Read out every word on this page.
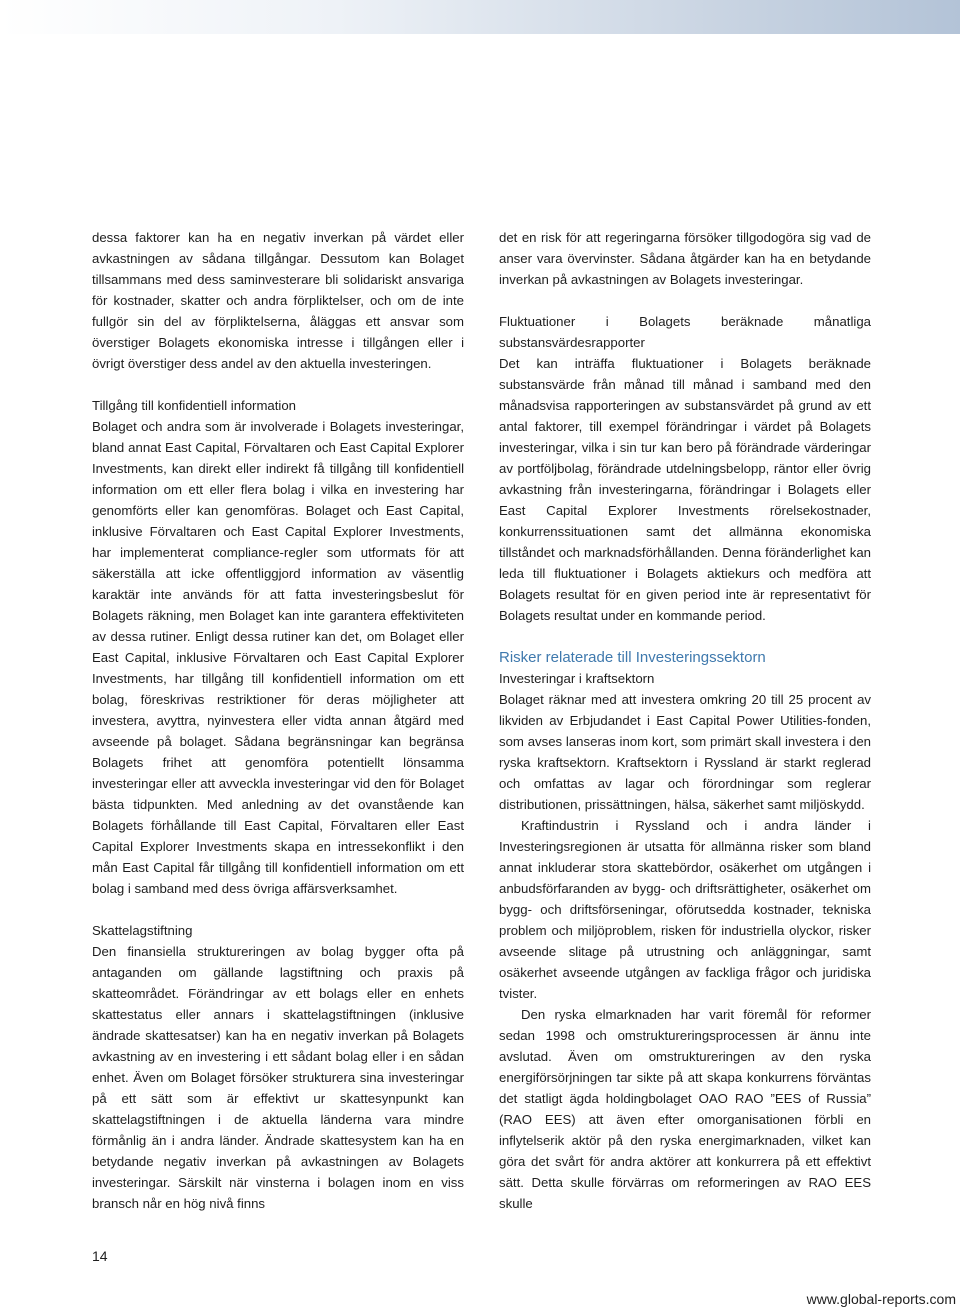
dessa faktorer kan ha en negativ inverkan på värdet eller avkastningen av sådana tillgångar. Dessutom kan Bolaget tillsammans med dess saminvesterare bli solidariskt ansvariga för kostnader, skatter och andra förpliktelser, och om de inte fullgör sin del av förpliktelserna, åläggas ett ansvar som överstiger Bolagets ekonomiska intresse i tillgången eller i övrigt överstiger dess andel av den aktuella investeringen.

Tillgång till konfidentiell information

Bolaget och andra som är involverade i Bolagets investeringar, bland annat East Capital, Förvaltaren och East Capital Explorer Investments, kan direkt eller indirekt få tillgång till konfidentiell information om ett eller flera bolag i vilka en investering har genomförts eller kan genomföras. Bolaget och East Capital, inklusive Förvaltaren och East Capital Explorer Investments, har implementerat compliance-regler som utformats för att säkerställa att icke offentliggjord information av väsentlig karaktär inte används för att fatta investeringsbeslut för Bolagets räkning, men Bolaget kan inte garantera effektiviteten av dessa rutiner. Enligt dessa rutiner kan det, om Bolaget eller East Capital, inklusive Förvaltaren och East Capital Explorer Investments, har tillgång till konfidentiell information om ett bolag, föreskrivas restriktioner för deras möjligheter att investera, avyttra, nyinvestera eller vidta annan åtgärd med avseende på bolaget. Sådana begränsningar kan begränsa Bolagets frihet att genomföra potentiellt lönsamma investeringar eller att avveckla investeringar vid den för Bolaget bästa tidpunkten. Med anledning av det ovanstående kan Bolagets förhållande till East Capital, Förvaltaren eller East Capital Explorer Investments skapa en intressekonflikt i den mån East Capital får tillgång till konfidentiell information om ett bolag i samband med dess övriga affärsverksamhet.

Skattelagstiftning

Den finansiella struktureringen av bolag bygger ofta på antaganden om gällande lagstiftning och praxis på skatteområdet. Förändringar av ett bolags eller en enhets skattestatus eller annars i skattelagstiftningen (inklusive ändrade skattesatser) kan ha en negativ inverkan på Bolagets avkastning av en investering i ett sådant bolag eller i en sådan enhet. Även om Bolaget försöker strukturera sina investeringar på ett sätt som är effektivt ur skattesynpunkt kan skattelagstiftningen i de aktuella länderna vara mindre förmånlig än i andra länder. Ändrade skattesystem kan ha en betydande negativ inverkan på avkastningen av Bolagets investeringar. Särskilt när vinsterna i bolagen inom en viss bransch når en hög nivå finns

det en risk för att regeringarna försöker tillgodogöra sig vad de anser vara övervinster. Sådana åtgärder kan ha en betydande inverkan på avkastningen av Bolagets investeringar.

Fluktuationer i Bolagets beräknade månatliga substansvärdesrapporter

Det kan inträffa fluktuationer i Bolagets beräknade substansvärde från månad till månad i samband med den månadsvisa rapporteringen av substansvärdet på grund av ett antal faktorer, till exempel förändringar i värdet på Bolagets investeringar, vilka i sin tur kan bero på förändrade värderingar av portföljbolag, förändrade utdelningsbelopp, räntor eller övrig avkastning från investeringarna, förändringar i Bolagets eller East Capital Explorer Investments rörelsekostnader, konkurrenssituationen samt det allmänna ekonomiska tillståndet och marknadsförhållanden. Denna föränderlighet kan leda till fluktuationer i Bolagets aktiekurs och medföra att Bolagets resultat för en given period inte är representativt för Bolagets resultat under en kommande period.

Risker relaterade till Investeringssektorn

Investeringar i kraftsektorn

Bolaget räknar med att investera omkring 20 till 25 procent av likviden av Erbjudandet i East Capital Power Utilities-fonden, som avses lanseras inom kort, som primärt skall investera i den ryska kraftsektorn. Kraftsektorn i Ryssland är starkt reglerad och omfattas av lagar och förordningar som reglerar distributionen, prissättningen, hälsa, säkerhet samt miljöskydd.

Kraftindustrin i Ryssland och i andra länder i Investeringsregionen är utsatta för allmänna risker som bland annat inkluderar stora skattebördor, osäkerhet om utgången i anbudsförfaranden av bygg- och driftsrättigheter, osäkerhet om bygg- och driftsförseningar, oförutsedda kostnader, tekniska problem och miljöproblem, risken för industriella olyckor, risker avseende slitage på utrustning och anläggningar, samt osäkerhet avseende utgången av fackliga frågor och juridiska tvister.

Den ryska elmarknaden har varit föremål för reformer sedan 1998 och omstruktureringsprocessen är ännu inte avslutad. Även om omstruktureringen av den ryska energiförsörjningen tar sikte på att skapa konkurrens förväntas det statligt ägda holdingbolaget OAO RAO ”EES of Russia” (RAO EES) att även efter omorganisationen förbli en inflytelserik aktör på den ryska energimarknaden, vilket kan göra det svårt för andra aktörer att konkurrera på ett effektivt sätt. Detta skulle förvärras om reformeringen av RAO EES skulle

14
www.global-reports.com
